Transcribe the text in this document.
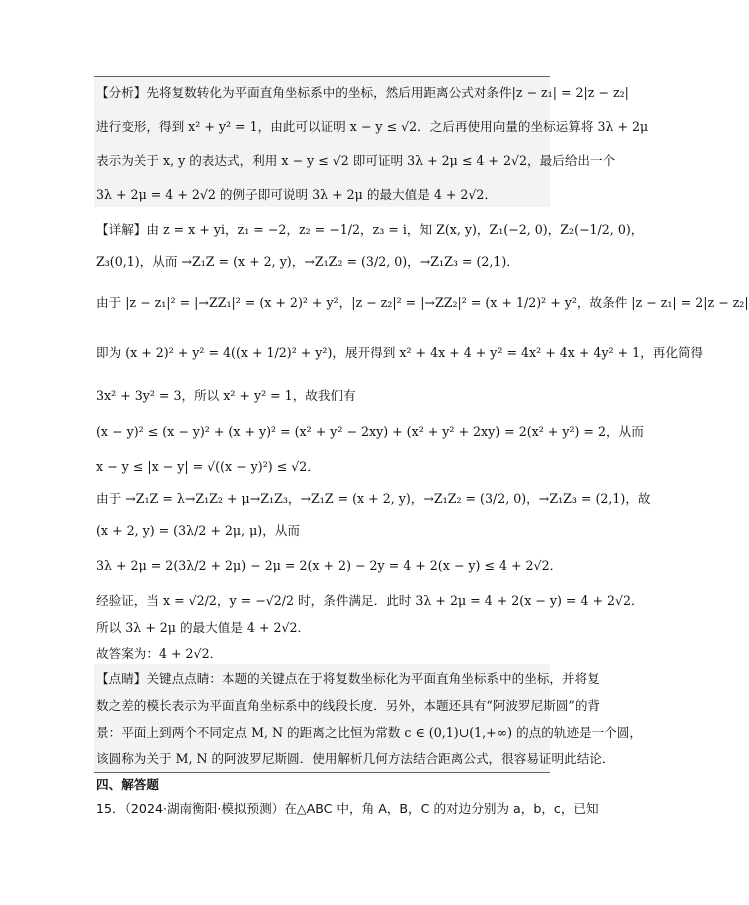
【分析】先将复数转化为平面直角坐标系中的坐标，然后用距离公式对条件|z − z₁| = 2|z − z₂|
进行变形，得到 x² + y² = 1，由此可以证明 x − y ≤ √2．之后再使用向量的坐标运算将 3λ + 2μ
表示为关于 x, y 的表达式，利用 x − y ≤ √2 即可证明 3λ + 2μ ≤ 4 + 2√2，最后给出一个
3λ + 2μ = 4 + 2√2 的例子即可说明 3λ + 2μ 的最大值是 4 + 2√2．
【详解】由 z = x + yi，z₁ = −2，z₂ = −1/2，z₃ = i，知 Z(x, y)，Z₁(−2, 0)，Z₂(−1/2, 0)，
Z₃(0,1)，从而 →Z₁Z = (x + 2, y)，→Z₁Z₂ = (3/2, 0)，→Z₁Z₃ = (2,1)．
由于 |z − z₁|² = |→ZZ₁|² = (x + 2)² + y²，|z − z₂|² = |→ZZ₂|² = (x + 1/2)² + y²，故条件 |z − z₁| = 2|z − z₂|
即为 (x + 2)² + y² = 4((x + 1/2)² + y²)，展开得到 x² + 4x + 4 + y² = 4x² + 4x + 4y² + 1，再化简得
3x² + 3y² = 3，所以 x² + y² = 1，故我们有
(x − y)² ≤ (x − y)² + (x + y)² = (x² + y² − 2xy) + (x² + y² + 2xy) = 2(x² + y²) = 2，从而
x − y ≤ |x − y| = √((x − y)²) ≤ √2．
由于 →Z₁Z = λ→Z₁Z₂ + μ→Z₁Z₃，→Z₁Z = (x + 2, y)，→Z₁Z₂ = (3/2, 0)，→Z₁Z₃ = (2,1)，故
(x + 2, y) = (3λ/2 + 2μ, μ)，从而
3λ + 2μ = 2(3λ/2 + 2μ) − 2μ = 2(x + 2) − 2y = 4 + 2(x − y) ≤ 4 + 2√2．
经验证，当 x = √2/2，y = −√2/2 时，条件满足．此时 3λ + 2μ = 4 + 2(x − y) = 4 + 2√2．
所以 3λ + 2μ 的最大值是 4 + 2√2．
故答案为：4 + 2√2．
【点睛】关键点点睛：本题的关键点在于将复数坐标化为平面直角坐标系中的坐标，并将复
数之差的模长表示为平面直角坐标系中的线段长度．另外，本题还具有“阿波罗尼斯圆”的背
景：平面上到两个不同定点 M, N 的距离之比恒为常数 c ∈ (0,1)∪(1,+∞) 的点的轨迹是一个圆，
该圆称为关于 M, N 的阿波罗尼斯圆．使用解析几何方法结合距离公式，很容易证明此结论．
四、解答题
15．（2024·湖南衡阳·模拟预测）在△ABC 中，角 A，B，C 的对边分别为 a，b，c，已知
